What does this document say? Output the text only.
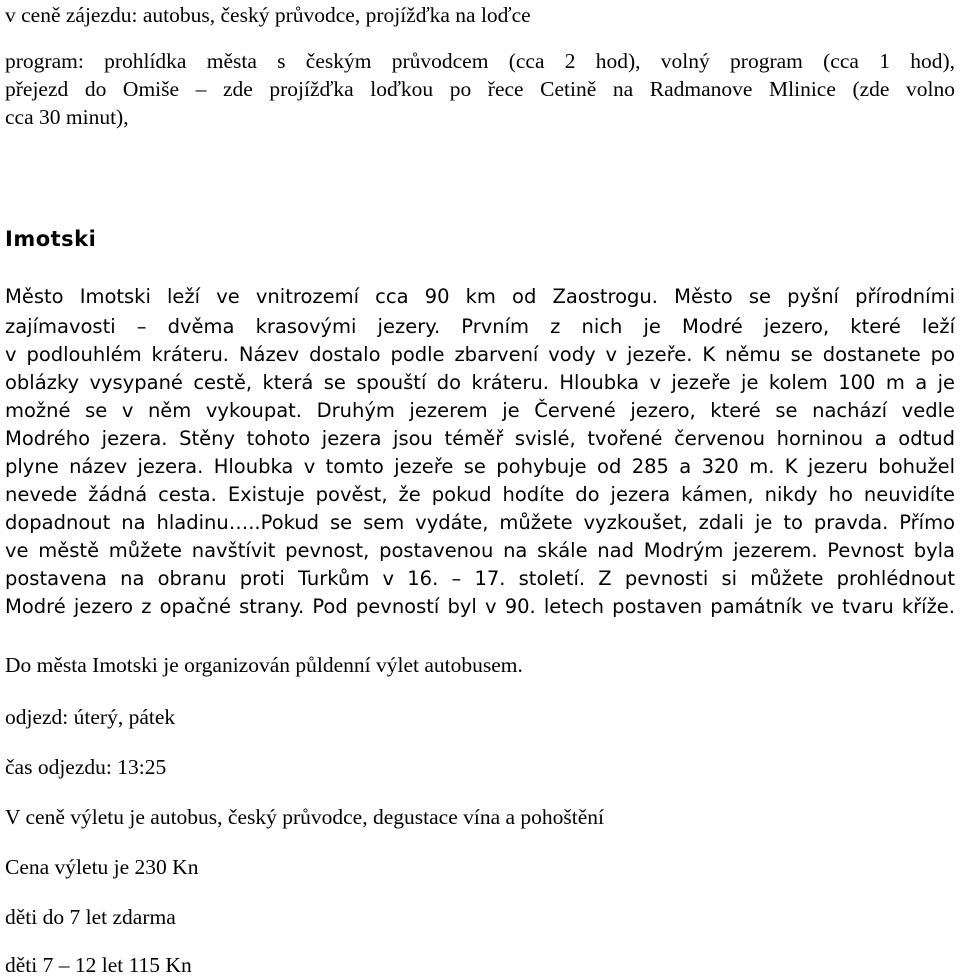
v ceně zájezdu: autobus, český průvodce, projížďka na loďce
program: prohlídka města s českým průvodcem (cca 2 hod), volný program (cca 1 hod),
přejezd do Omiše – zde projížďka loďkou po řece Cetině na Radmanove Mlinice (zde volno
cca 30 minut),
Imotski
Město Imotski leží ve vnitrozemí cca 90 km od Zaostrogu. Město se pyšní přírodními
zajímavosti – dvěma krasovými jezery. Prvním z nich je Modré jezero, které leží
v podlouhlém kráteru. Název dostalo podle zbarvení vody v jezeře. K němu se dostanete po
oblázky vysypané cestě, která se spouští do kráteru. Hloubka v jezeře je kolem 100 m a je
možné se v něm vykoupat. Druhým jezerem je Červené jezero, které se nachází vedle
Modrého jezera. Stěny tohoto jezera jsou téměř svislé, tvořené červenou horninou a odtud
plyne název jezera. Hloubka v tomto jezeře se pohybuje od 285 a 320 m. K jezeru bohužel
nevede žádná cesta. Existuje pověst, že pokud hodíte do jezera kámen, nikdy ho neuvidíte
dopadnout na hladinu…..Pokud se sem vydáte, můžete vyzkoušet, zdali je to pravda. Přímo
ve městě můžete navštívit pevnost, postavenou na skále nad Modrým jezerem. Pevnost byla
postavena na obranu proti Turkům v 16. – 17. století. Z pevnosti si můžete prohlédnout
Modré jezero z opačné strany. Pod pevností byl v 90. letech postaven památník ve tvaru kříže.
Do města Imotski je organizován půldenní výlet autobusem.
odjezd: úterý, pátek
čas odjezdu: 13:25
V ceně výletu je autobus, český průvodce, degustace vína a pohoštění
Cena výletu je 230 Kn
děti do 7 let zdarma
děti 7 – 12 let 115 Kn
